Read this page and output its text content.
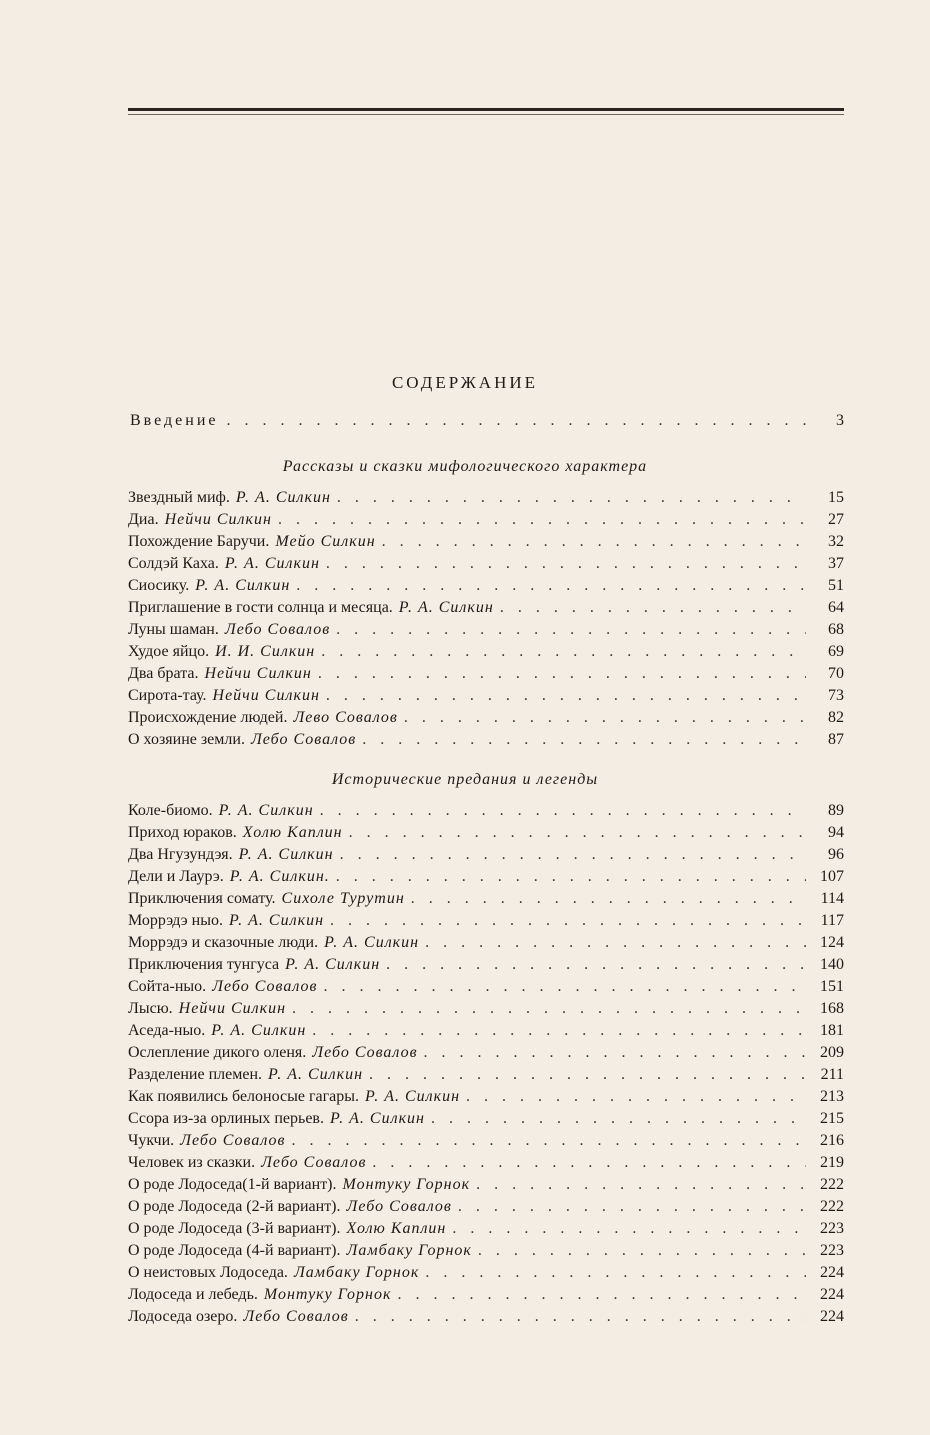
СОДЕРЖАНИЕ
Введение . . .	3
Рассказы и сказки мифологического характера
Звездный миф. Р. А. Силкин . . .	15
Диа. Нейчи Силкин . . .	27
Похождение Баручи. Мейо Силкин . . .	32
Солдэй Каха. Р. А. Силкин . . .	37
Сиосику. Р. А. Силкин . . .	51
Приглашение в гости солнца и месяца. Р. А. Силкин . . .	64
Луны шаман. Лебо Совалов . . .	68
Худое яйцо. И. И. Силкин . . .	69
Два брата. Нейчи Силкин . . .	70
Сирота-тау. Нейчи Силкин . . .	73
Происхождение людей. Лево Совалов . . .	82
О хозяине земли. Лебо Совалов . . .	87
Исторические предания и легенды
Коле-биомо. Р. А. Силкин . . .	89
Приход юраков. Холю Каплин . . .	94
Два Нгузундэя. Р. А. Силкин . . .	96
Дели и Лаурэ. Р. А. Силкин. . . .	107
Приключения сомату. Сихоле Турутин . . .	114
Моррэдэ ныо. Р. А. Силкин . . .	117
Моррэдэ и сказочные люди. Р. А. Силкин . . .	124
Приключения тунгуса Р. А. Силкин . . .	140
Сойта-ныо. Лебо Совалов . . .	151
Лысю. Нейчи Силкин . . .	168
Аседа-ныо. Р. А. Силкин . . .	181
Ослепление дикого оленя. Лебо Совалов . . .	209
Разделение племен. Р. А. Силкин . . .	211
Как появились белоносые гагары. Р. А. Силкин . . .	213
Ссора из-за орлиных перьев. Р. А. Силкин . . .	215
Чукчи. Лебо Совалов . . .	216
Человек из сказки. Лебо Совалов . . .	219
О роде Лодоседа(1-й вариант). Монтуку Горнок . . .	222
О роде Лодоседа (2-й вариант). Лебо Совалов . . .	222
О роде Лодоседа (3-й вариант). Холю Каплин . . .	223
О роде Лодоседа (4-й вариант). Ламбаку Горнок . . .	223
О неистовых Лодоседа. Ламбаку Горнок . . .	224
Лодоседа и лебедь. Монтуку Горнок . . .	224
Лодоседа озеро. Лебо Совалов . . .	224
